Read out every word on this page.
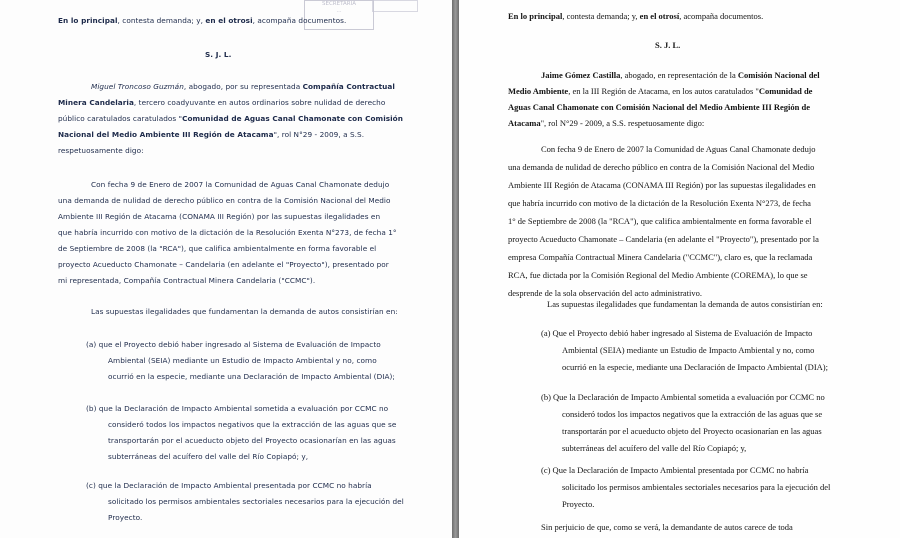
SECRETARIA
...
En lo principal, contesta demanda; y, en el otrosi, acompaña documentos.
S. J. L.
Miguel Troncoso Guzmán, abogado, por su representada Compañía Contractual
Minera Candelaria, tercero coadyuvante en autos ordinarios sobre nulidad de derecho
público caratulados caratulados "Comunidad de Aguas Canal Chamonate con Comisión
Nacional del Medio Ambiente III Región de Atacama", rol N°29 - 2009, a S.S.
respetuosamente digo:
Con fecha 9 de Enero de 2007 la Comunidad de Aguas Canal Chamonate dedujo
una demanda de nulidad de derecho público en contra de la Comisión Nacional del Medio
Ambiente III Región de Atacama (CONAMA III Región) por las supuestas ilegalidades en
que habría incurrido con motivo de la dictación de la Resolución Exenta N°273, de fecha 1°
de Septiembre de 2008 (la "RCA"), que califica ambientalmente en forma favorable el
proyecto Acueducto Chamonate – Candelaria (en adelante el "Proyecto"), presentado por
mi representada, Compañía Contractual Minera Candelaria ("CCMC").
Las supuestas ilegalidades que fundamentan la demanda de autos consistirían en:
(a) que el Proyecto debió haber ingresado al Sistema de Evaluación de Impacto
Ambiental (SEIA) mediante un Estudio de Impacto Ambiental y no, como
ocurrió en la especie, mediante una Declaración de Impacto Ambiental (DIA);
(b) que la Declaración de Impacto Ambiental sometida a evaluación por CCMC no
consideró todos los impactos negativos que la extracción de las aguas que se
transportarán por el acueducto objeto del Proyecto ocasionarían en las aguas
subterráneas del acuífero del valle del Río Copiapó; y,
(c) que la Declaración de Impacto Ambiental presentada por CCMC no habría
solicitado los permisos ambientales sectoriales necesarios para la ejecución del
Proyecto.
En lo principal, contesta demanda; y, en el otrosí, acompaña documentos.
S. J. L.
Jaime Gómez Castilla, abogado, en representación de la Comisión Nacional del
Medio Ambiente, en la III Región de Atacama, en los autos caratulados "Comunidad de
Aguas Canal Chamonate con Comisión Nacional del Medio Ambiente III Región de
Atacama", rol N°29 - 2009, a S.S. respetuosamente digo:
Con fecha 9 de Enero de 2007 la Comunidad de Aguas Canal Chamonate dedujo
una demanda de nulidad de derecho público en contra de la Comisión Nacional del Medio
Ambiente III Región de Atacama (CONAMA III Región) por las supuestas ilegalidades en
que habría incurrido con motivo de la dictación de la Resolución Exenta N°273, de fecha
1° de Septiembre de 2008 (la "RCA"), que califica ambientalmente en forma favorable el
proyecto Acueducto Chamonate – Candelaria (en adelante el "Proyecto"), presentado por la
empresa Compañía Contractual Minera Candelaria ("CCMC"), claro es, que la reclamada
RCA, fue dictada por la Comisión Regional del Medio Ambiente (COREMA), lo que se
desprende de la sola observación del acto administrativo.
Las supuestas ilegalidades que fundamentan la demanda de autos consistirían en:
(a) Que el Proyecto debió haber ingresado al Sistema de Evaluación de Impacto
Ambiental (SEIA) mediante un Estudio de Impacto Ambiental y no, como
ocurrió en la especie, mediante una Declaración de Impacto Ambiental (DIA);
(b) Que la Declaración de Impacto Ambiental sometida a evaluación por CCMC no
consideró todos los impactos negativos que la extracción de las aguas que se
transportarán por el acueducto objeto del Proyecto ocasionarían en las aguas
subterráneas del acuífero del valle del Río Copiapó; y,
(c) Que la Declaración de Impacto Ambiental presentada por CCMC no habría
solicitado los permisos ambientales sectoriales necesarios para la ejecución del
Proyecto.
Sin perjuicio de que, como se verá, la demandante de autos carece de toda
